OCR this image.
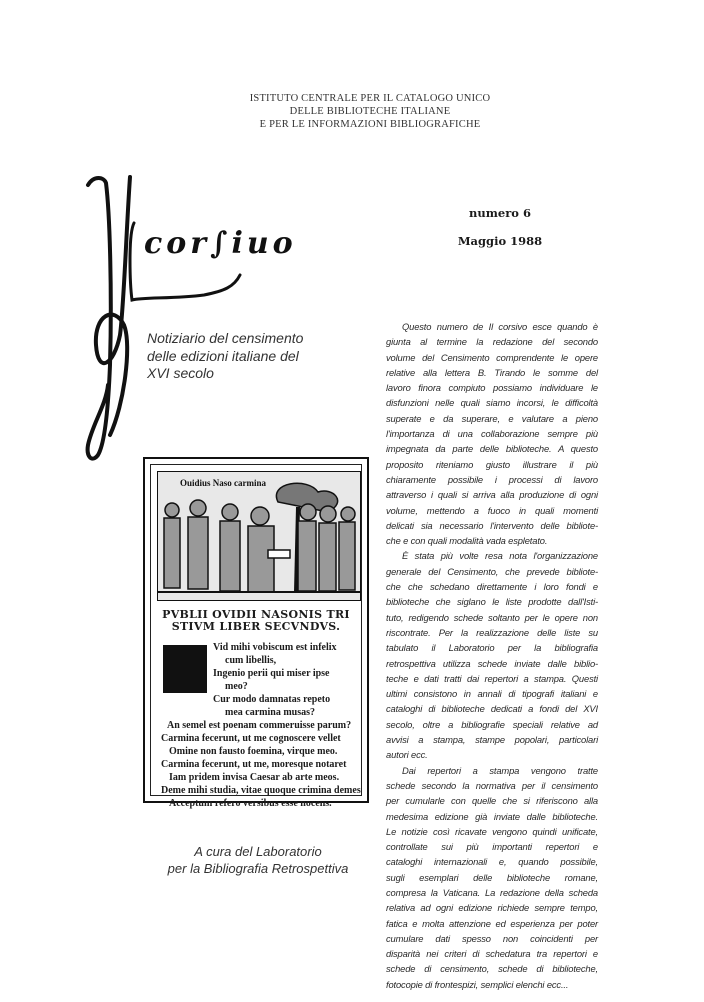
ISTITUTO CENTRALE PER IL CATALOGO UNICO
DELLE BIBLIOTECHE ITALIANE
E PER LE INFORMAZIONI BIBLIOGRAFICHE
cor∫iuo
numero 6
Maggio 1988
Notiziario del censimento
delle edizioni italiane del
XVI secolo
Ouidius Naso carmina
PVBLII OVIDII NASONIS TRI
STIVM LIBER SECVNDVS.
Vid mihi vobiscum est infelix
cum libellis,
Ingenio perii qui miser ipse
meo?
Cur modo damnatas repeto
mea carmina musas?
An semel est poenam commeruisse parum?
Carmina fecerunt, ut me cognoscere vellet
Omine non fausto foemina, virque meo.
Carmina fecerunt, ut me, moresque notaret
Iam pridem invisa Caesar ab arte meos.
Deme mihi studia, vitae quoque crimina demes
Acceptum refero versibus esse nocens.
A cura del Laboratorio
per la Bibliografia Retrospettiva
Questo numero de Il corsivo esce quando è
giunta al termine la redazione del secondo
volume del Censimento comprendente le opere
relative alla lettera B. Tirando le somme del
lavoro finora compiuto possiamo individuare le
disfunzioni nelle quali siamo incorsi, le difficoltà
superate e da superare, e valutare a pieno
l'importanza di una collaborazione sempre più
impegnata da parte delle biblioteche. A questo
proposito riteniamo giusto illustrare il più
chiaramente possibile i processi di lavoro
attraverso i quali si arriva alla produzione di ogni
volume, mettendo a fuoco in quali momenti
delicati sia necessario l'intervento delle bibliote-
che e con quali modalità vada espletato.
È stata più volte resa nota l'organizzazione
generale del Censimento, che prevede bibliote-
che che schedano direttamente i loro fondi e
biblioteche che siglano le liste prodotte dall'Isti-
tuto, redigendo schede soltanto per le opere non
riscontrate. Per la realizzazione delle liste su
tabulato il Laboratorio per la bibliografia
retrospettiva utilizza schede inviate dalle biblio-
teche e dati tratti dai repertori a stampa. Questi
ultimi consistono in annali di tipografi italiani e
cataloghi di biblioteche dedicati a fondi del XVI
secolo, oltre a bibliografie speciali relative ad
avvisi a stampa, stampe popolari, particolari
autori ecc.
Dai repertori a stampa vengono tratte
schede secondo la normativa per il censimento
per cumularle con quelle che si riferiscono alla
medesima edizione già inviate dalle biblioteche.
Le notizie così ricavate vengono quindi unificate,
controllate sui più importanti repertori e
cataloghi internazionali e, quando possibile,
sugli esemplari delle biblioteche romane,
compresa la Vaticana. La redazione della scheda
relativa ad ogni edizione richiede sempre tempo,
fatica e molta attenzione ed esperienza per poter
cumulare dati spesso non coincidenti per
disparità nei criteri di schedatura tra repertori e
schede di censimento, schede di biblioteche,
fotocopie di frontespizi, semplici elenchi ecc...
